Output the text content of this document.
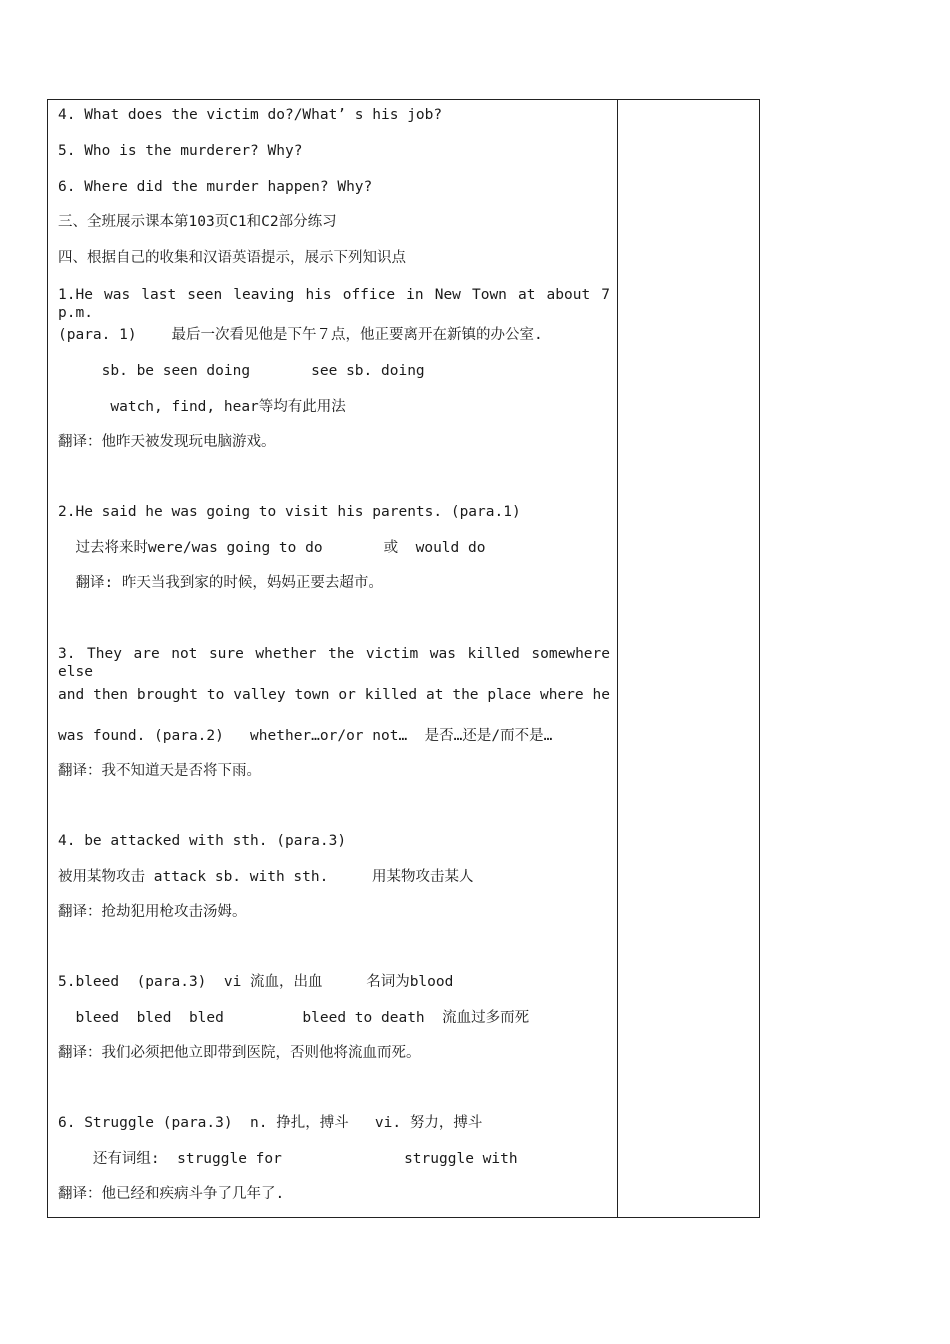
4. What does the victim do?/What’ s his job?
5. Who is the murderer? Why?
6. Where did the murder happen? Why?
三、全班展示课本第103页C1和C2部分练习
四、根据自己的收集和汉语英语提示，展示下列知识点
1.He was last seen leaving his office in New Town at about 7 p.m.
(para. 1)    最后一次看见他是下午７点，他正要离开在新镇的办公室.
sb. be seen doing       see sb. doing
watch, find, hear等均有此用法
翻译：他昨天被发现玩电脑游戏。
2.He said he was going to visit his parents. (para.1)
过去将来时were/was going to do       或  would do
翻译: 昨天当我到家的时候，妈妈正要去超市。
3. They are not sure whether the victim was killed somewhere else
and then brought to valley town or killed at the place where he
was found. (para.2)   whether…or/or not…  是否…还是/而不是…
翻译：我不知道天是否将下雨。
4. be attacked with sth. (para.3)
被用某物攻击 attack sb. with sth.     用某物攻击某人
翻译：抢劫犯用枪攻击汤姆。
5.bleed  (para.3)  vi 流血，出血     名词为blood
bleed  bled  bled         bleed to death  流血过多而死
翻译：我们必须把他立即带到医院，否则他将流血而死。
6. Struggle (para.3)  n. 挣扎，搏斗   vi. 努力，搏斗
还有词组:  struggle for              struggle with
翻译：他已经和疾病斗争了几年了.
